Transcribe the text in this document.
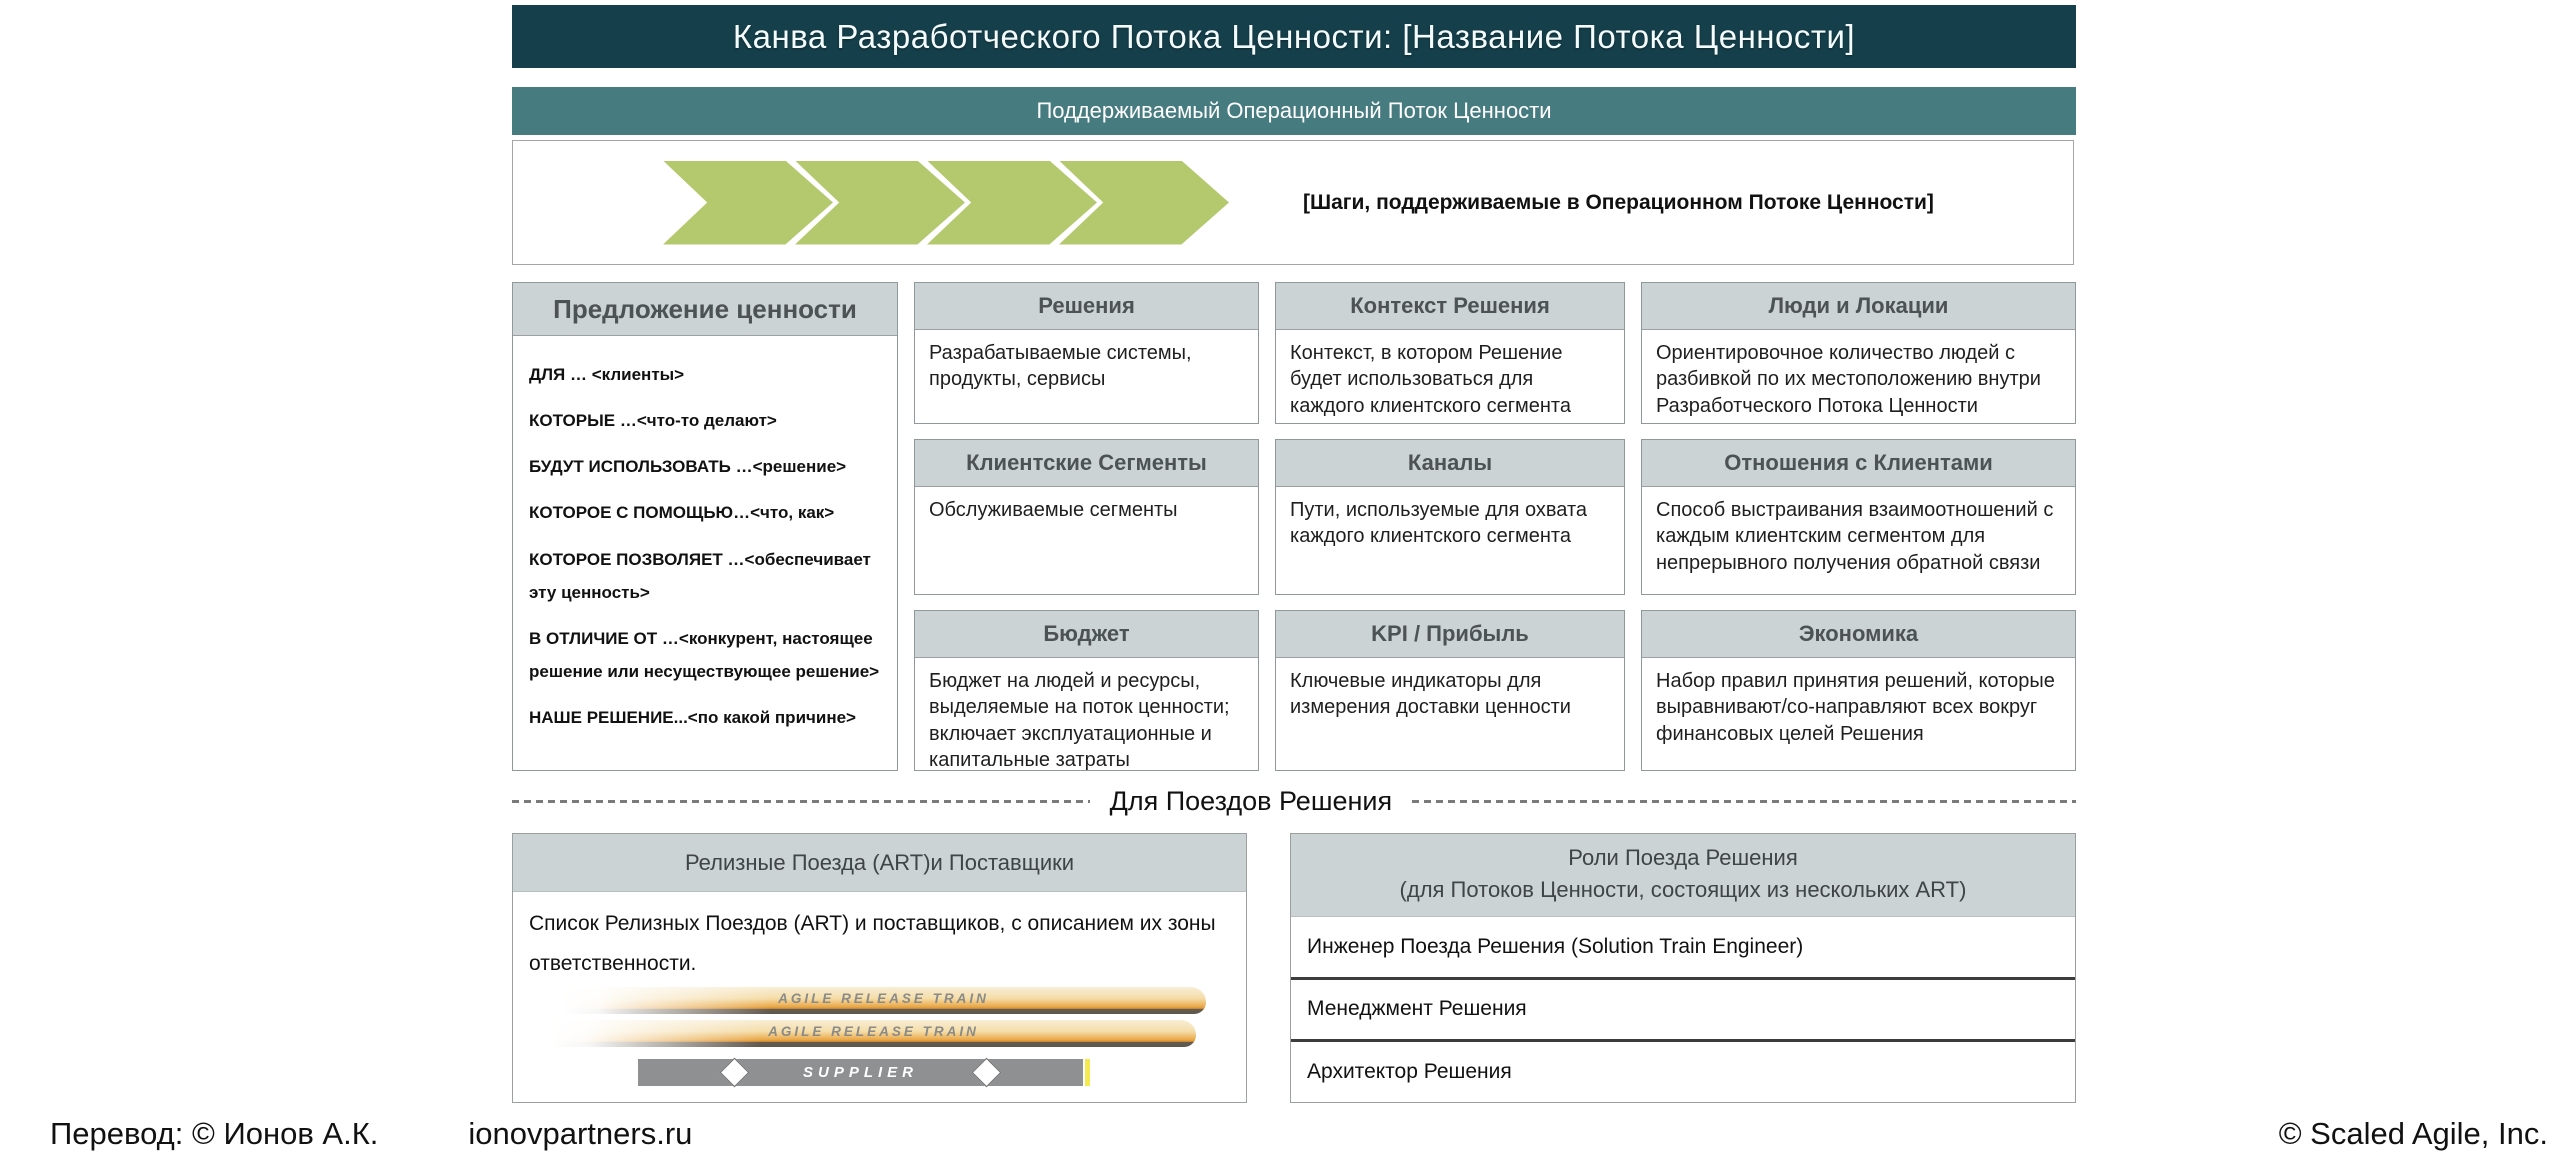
Канва Разработческого Потока Ценности: [Название Потока Ценности]
Поддерживаемый Операционный Поток Ценности
[Шаги, поддерживаемые в Операционном Потоке Ценности]
Предложение ценности
ДЛЯ … <клиенты>
КОТОРЫЕ …<что-то делают>
БУДУТ ИСПОЛЬЗОВАТЬ …<решение>
КОТОРОЕ С ПОМОЩЬЮ…<что, как>
КОТОРОЕ ПОЗВОЛЯЕТ …<обеспечивает эту ценность>
В ОТЛИЧИЕ ОТ …<конкурент, настоящее решение или несуществующее решение>
НАШЕ РЕШЕНИЕ...<по какой причине>
Решения
Разрабатываемые системы, продукты, сервисы
Контекст Решения
Контекст, в котором Решение будет использоваться для каждого клиентского сегмента
Люди и Локации
Ориентировочное количество людей с разбивкой по их местоположению внутри Разработческого Потока Ценности
Клиентские Сегменты
Обслуживаемые сегменты
Каналы
Пути, используемые для охвата каждого клиентского сегмента
Отношения с Клиентами
Способ выстраивания взаимоотношений с каждым клиентским сегментом для непрерывного получения обратной связи
Бюджет
Бюджет на людей и ресурсы, выделяемые на поток ценности; включает эксплуатационные и капитальные затраты
KPI / Прибыль
Ключевые индикаторы для измерения доставки ценности
Экономика
Набор правил принятия решений, которые выравнивают/со-направляют всех вокруг финансовых целей Решения
Для Поездов Решения
Релизные Поезда (ART)и Поставщики
Список Релизных Поездов (ART) и поставщиков, с описанием их зоны ответственности.
AGILE RELEASE TRAIN
AGILE RELEASE TRAIN
SUPPLIER
Роли Поезда Решения
(для Потоков Ценности, состоящих из нескольких ART)
Инженер Поезда Решения (Solution Train Engineer)
Менеджмент Решения
Архитектор Решения
Перевод: © Ионов А.К.	ionovpartners.ru	© Scaled Agile, Inc.
